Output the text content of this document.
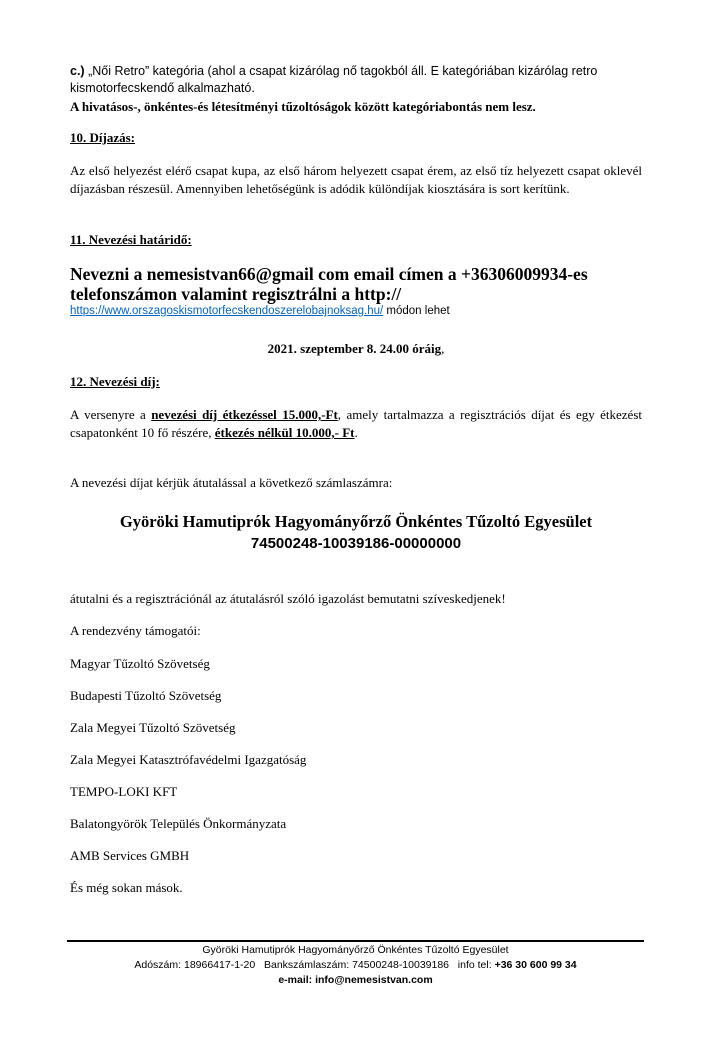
c.) „Női Retro” kategória (ahol a csapat kizárólag nő tagokból áll. E kategóriában kizárólag retro kismotorfecskendő alkalmazható.
A hivatásos-, önkéntes-és létesítményi tűzoltóságok között kategóriabontás nem lesz.
10. Díjazás:
Az első helyezést elérő csapat kupa, az első három helyezett csapat érem, az első tíz helyezett csapat oklevél díjazásban részesül. Amennyiben lehetőségünk is adódik különdíjak kiosztására is sort kerítünk.
11. Nevezési határidő:
Nevezni a nemesistvan66@gmail com email címen a +36306009934-es
telefonszámon valamint regisztrálni a http://
https://www.orszagoskismotorfecskendoszerelobajnoksag.hu/ módon lehet
2021. szeptember 8. 24.00 óráig,
12. Nevezési díj:
A versenyre a nevezési díj étkezéssel 15.000,-Ft, amely tartalmazza a regisztrációs díjat és egy étkezést csapatonként 10 fő részére, étkezés nélkül 10.000,- Ft.
A nevezési díjat kérjük átutalással a következő számlaszámra:
Györöki Hamutiprók Hagyományőrző Önkéntes Tűzoltó Egyesület
74500248-10039186-00000000
átutalni és a regisztrációnál az átutalásról szóló igazolást bemutatni szíveskedjenek!
A rendezvény támogatói:
Magyar Tűzoltó Szövetség
Budapesti Tűzoltó Szövetség
Zala Megyei Tűzoltó Szövetség
Zala Megyei Katasztrófavédelmi Igazgatóság
TEMPO-LOKI KFT
Balatongyörök Település Önkormányzata
AMB Services GMBH
És még sokan mások.
Györöki Hamutiprók Hagyományőrző Önkéntes Tűzoltó Egyesület
Adószám: 18966417-1-20 Bankszámlaszám: 74500248-10039186 info tel: +36 30 600 99 34
e-mail: info@nemesistvan.com
